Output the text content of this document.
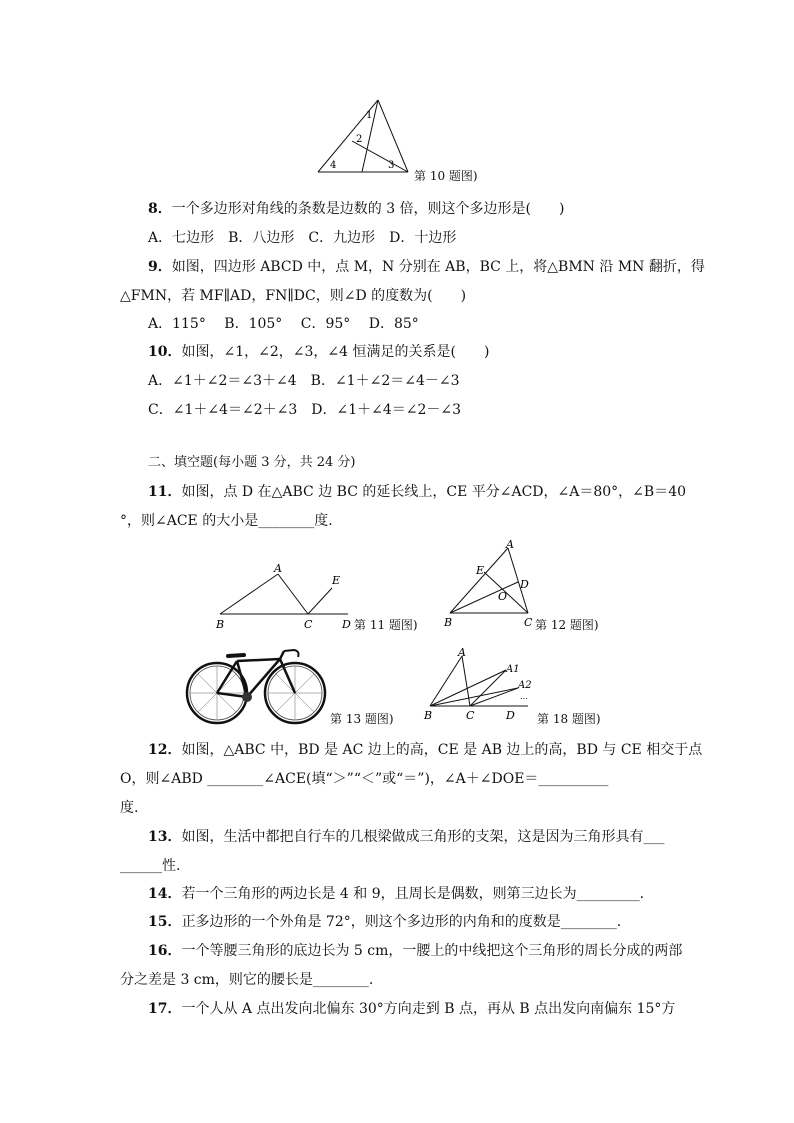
1
2
4	3
第 10 题图)
8．一个多边形对角线的条数是边数的 3 倍，则这个多边形是(　　)
A．七边形　B．八边形　C．九边形　D．十边形
9．如图，四边形 ABCD 中，点 M，N 分别在 AB，BC 上，将△BMN 沿 MN 翻折，得
△FMN，若 MF∥AD，FN∥DC，则∠D 的度数为(　　)
A．115°　 B．105°　 C．95°　 D．85°
10．如图，∠1，∠2，∠3，∠4 恒满足的关系是(　　)
A．∠1＋∠2＝∠3＋∠4　B．∠1＋∠2＝∠4－∠3
C．∠1＋∠4＝∠2＋∠3　D．∠1＋∠4＝∠2－∠3
二、填空题(每小题 3 分，共 24 分)
11．如图，点 D 在△ABC 边 BC 的延长线上，CE 平分∠ACD，∠A＝80°，∠B＝40
°，则∠ACE 的大小是________度.
A
E
B	C	D 第 11 题图)
A
E
D
O
B	C 第 12 题图)
第 13 题图)
A
A1
A2
...
B	C	D 第 18 题图)
12．如图，△ABC 中，BD 是 AC 边上的高，CE 是 AB 边上的高，BD 与 CE 相交于点
O，则∠ABD ________∠ACE(填“＞”“＜”或“＝”)，∠A＋∠DOE＝__________
度.
13．如图，生活中都把自行车的几根梁做成三角形的支架，这是因为三角形具有___
______性.
14．若一个三角形的两边长是 4 和 9，且周长是偶数，则第三边长为_________.
15．正多边形的一个外角是 72°，则这个多边形的内角和的度数是________.
16．一个等腰三角形的底边长为 5 cm，一腰上的中线把这个三角形的周长分成的两部
分之差是 3 cm，则它的腰长是________.
17．一个人从 A 点出发向北偏东 30°方向走到 B 点，再从 B 点出发向南偏东 15°方
